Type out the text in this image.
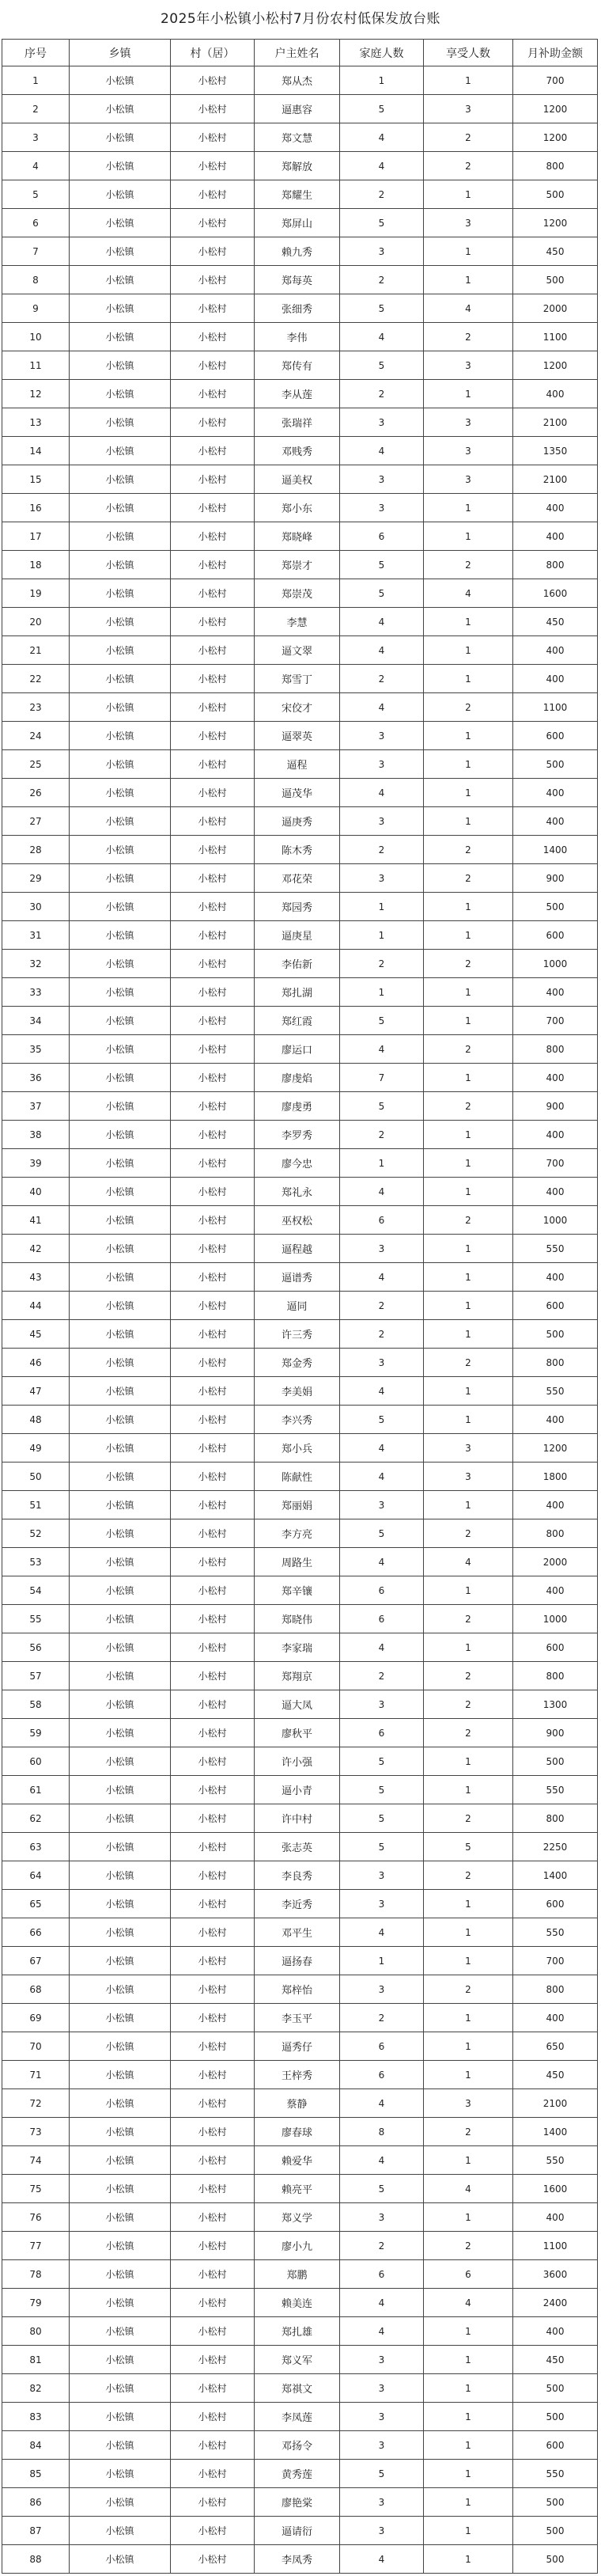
2025年小松镇小松村7月份农村低保发放台账
序号	乡镇	村（居）	户主姓名	家庭人数	享受人数	月补助金额
1	小松镇	小松村	郑从杰	1	1	700
2	小松镇	小松村	逼惠容	5	3	1200
3	小松镇	小松村	郑文慧	4	2	1200
4	小松镇	小松村	郑解放	4	2	800
5	小松镇	小松村	郑耀生	2	1	500
6	小松镇	小松村	郑屏山	5	3	1200
7	小松镇	小松村	赖九秀	3	1	450
8	小松镇	小松村	郑每英	2	1	500
9	小松镇	小松村	张细秀	5	4	2000
10	小松镇	小松村	李伟	4	2	1100
11	小松镇	小松村	郑传有	5	3	1200
12	小松镇	小松村	李从莲	2	1	400
13	小松镇	小松村	张瑞祥	3	3	2100
14	小松镇	小松村	邓贱秀	4	3	1350
15	小松镇	小松村	逼美权	3	3	2100
16	小松镇	小松村	郑小东	3	1	400
17	小松镇	小松村	郑晓峰	6	1	400
18	小松镇	小松村	郑崇才	5	2	800
19	小松镇	小松村	郑崇茂	5	4	1600
20	小松镇	小松村	李慧	4	1	450
21	小松镇	小松村	逼文翠	4	1	400
22	小松镇	小松村	郑雪丁	2	1	400
23	小松镇	小松村	宋佼才	4	2	1100
24	小松镇	小松村	逼翠英	3	1	600
25	小松镇	小松村	逼程	3	1	500
26	小松镇	小松村	逼茂华	4	1	400
27	小松镇	小松村	逼庚秀	3	1	400
28	小松镇	小松村	陈木秀	2	2	1400
29	小松镇	小松村	邓花荣	3	2	900
30	小松镇	小松村	郑园秀	1	1	500
31	小松镇	小松村	逼庚星	1	1	600
32	小松镇	小松村	李佑新	2	2	1000
33	小松镇	小松村	郑扎湖	1	1	400
34	小松镇	小松村	郑红霞	5	1	700
35	小松镇	小松村	廖运口	4	2	800
36	小松镇	小松村	廖虔焰	7	1	400
37	小松镇	小松村	廖虔勇	5	2	900
38	小松镇	小松村	李罗秀	2	1	400
39	小松镇	小松村	廖今忠	1	1	700
40	小松镇	小松村	郑礼永	4	1	400
41	小松镇	小松村	巫权松	6	2	1000
42	小松镇	小松村	逼程越	3	1	550
43	小松镇	小松村	逼谱秀	4	1	400
44	小松镇	小松村	逼同	2	1	600
45	小松镇	小松村	许三秀	2	1	500
46	小松镇	小松村	郑金秀	3	2	800
47	小松镇	小松村	李美娟	4	1	550
48	小松镇	小松村	李兴秀	5	1	400
49	小松镇	小松村	郑小兵	4	3	1200
50	小松镇	小松村	陈献性	4	3	1800
51	小松镇	小松村	郑丽娟	3	1	400
52	小松镇	小松村	李方亮	5	2	800
53	小松镇	小松村	周路生	4	4	2000
54	小松镇	小松村	郑辛镶	6	1	400
55	小松镇	小松村	郑晓伟	6	2	1000
56	小松镇	小松村	李家瑞	4	1	600
57	小松镇	小松村	郑翔京	2	2	800
58	小松镇	小松村	逼大凤	3	2	1300
59	小松镇	小松村	廖秋平	6	2	900
60	小松镇	小松村	许小强	5	1	500
61	小松镇	小松村	逼小青	5	1	550
62	小松镇	小松村	许中村	5	2	800
63	小松镇	小松村	张志英	5	5	2250
64	小松镇	小松村	李良秀	3	2	1400
65	小松镇	小松村	李近秀	3	1	600
66	小松镇	小松村	邓平生	4	1	550
67	小松镇	小松村	逼扬春	1	1	700
68	小松镇	小松村	郑梓怡	3	2	800
69	小松镇	小松村	李玉平	2	1	400
70	小松镇	小松村	逼秀仔	6	1	650
71	小松镇	小松村	王梓秀	6	1	450
72	小松镇	小松村	蔡静	4	3	2100
73	小松镇	小松村	廖春球	8	2	1400
74	小松镇	小松村	赖爱华	4	1	550
75	小松镇	小松村	赖亮平	5	4	1600
76	小松镇	小松村	郑义学	3	1	400
77	小松镇	小松村	廖小九	2	2	1100
78	小松镇	小松村	郑鹏	6	6	3600
79	小松镇	小松村	赖美连	4	4	2400
80	小松镇	小松村	郑扎雄	4	1	400
81	小松镇	小松村	郑义军	3	1	450
82	小松镇	小松村	郑祺文	3	1	500
83	小松镇	小松村	李凤莲	3	1	500
84	小松镇	小松村	邓扬令	3	1	600
85	小松镇	小松村	黄秀莲	5	1	550
86	小松镇	小松村	廖艳棠	3	1	500
87	小松镇	小松村	逼请衍	3	1	500
88	小松镇	小松村	李凤秀	4	1	500
